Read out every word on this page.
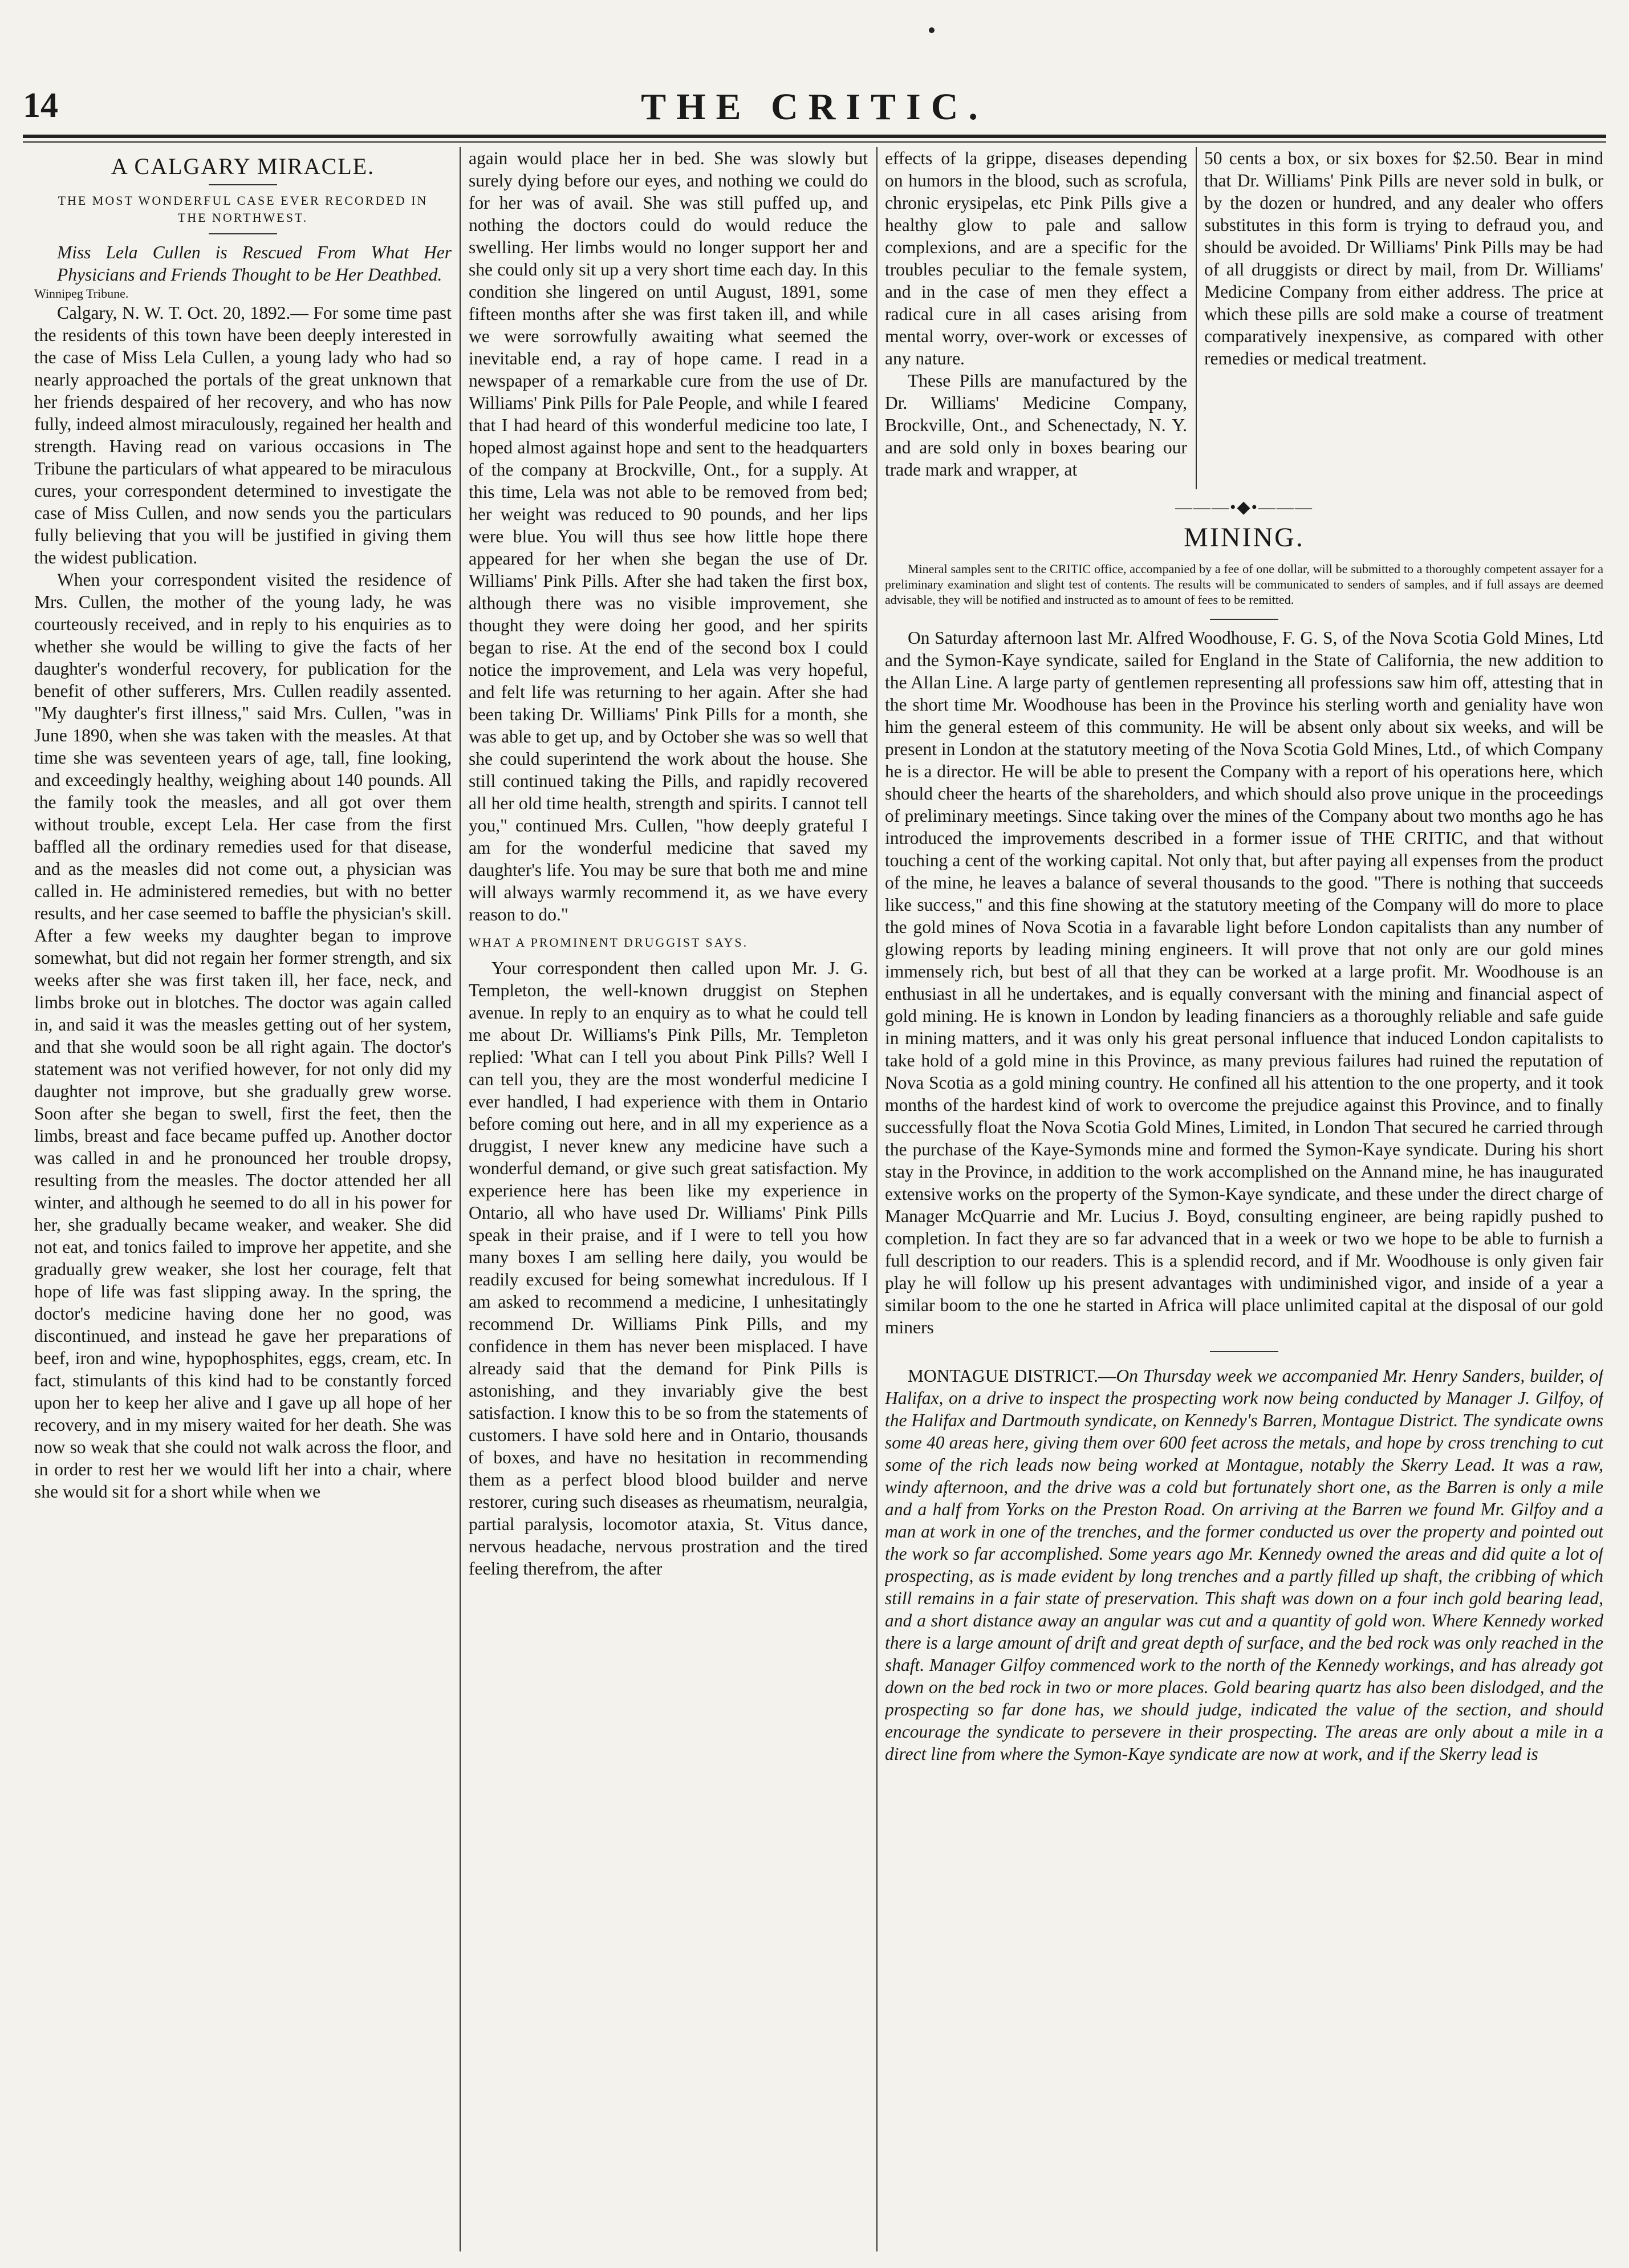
14	THE CRITIC.
A CALGARY MIRACLE.
THE MOST WONDERFUL CASE EVER RECORDED IN THE NORTHWEST.

Miss Lela Cullen is Rescued From What Her Physicians and Friends Thought to be Her Deathbed.

Winnipeg Tribune.

Calgary, N. W. T. Oct. 20, 1892.— For some time past the residents of this town have been deeply interested in the case of Miss Lela Cullen, a young lady who had so nearly approached the portals of the great unknown that her friends despaired of her recovery, and who has now fully, indeed almost miraculously, regained her health and strength. Having read on various occasions in The Tribune the particulars of what appeared to be miraculous cures, your correspondent determined to investigate the case of Miss Cullen, and now sends you the particulars fully believing that you will be justified in giving them the widest publication.

When your correspondent visited the residence of Mrs. Cullen, the mother of the young lady, he was courteously received, and in reply to his enquiries as to whether she would be willing to give the facts of her daughter's wonderful recovery, for publication for the benefit of other sufferers, Mrs. Cullen readily assented. "My daughter's first illness," said Mrs. Cullen, "was in June 1890, when she was taken with the measles. At that time she was seventeen years of age, tall, fine looking, and exceedingly healthy, weighing about 140 pounds. All the family took the measles, and all got over them without trouble, except Lela. Her case from the first baffled all the ordinary remedies used for that disease, and as the measles did not come out, a physician was called in. He administered remedies, but with no better results, and her case seemed to baffle the physician's skill. After a few weeks my daughter began to improve somewhat, but did not regain her former strength, and six weeks after she was first taken ill, her face, neck, and limbs broke out in blotches. The doctor was again called in, and said it was the measles getting out of her system, and that she would soon be all right again. The doctor's statement was not verified however, for not only did my daughter not improve, but she gradually grew worse. Soon after she began to swell, first the feet, then the limbs, breast and face became puffed up. Another doctor was called in and he pronounced her trouble dropsy, resulting from the measles. The doctor attended her all winter, and although he seemed to do all in his power for her, she gradually became weaker, and weaker. She did not eat, and tonics failed to improve her appetite, and she gradually grew weaker, she lost her courage, felt that hope of life was fast slipping away. In the spring, the doctor's medicine having done her no good, was discontinued, and instead he gave her preparations of beef, iron and wine, hypophosphites, eggs, cream, etc. In fact, stimulants of this kind had to be constantly forced upon her to keep her alive and I gave up all hope of her recovery, and in my misery waited for her death. She was now so weak that she could not walk across the floor, and in order to rest her we would lift her into a chair, where she would sit for a short while when we

again would place her in bed. She was slowly but surely dying before our eyes, and nothing we could do for her was of avail. She was still puffed up, and nothing the doctors could do would reduce the swelling. Her limbs would no longer support her and she could only sit up a very short time each day. In this condition she lingered on until August, 1891, some fifteen months after she was first taken ill, and while we were sorrowfully awaiting what seemed the inevitable end, a ray of hope came. I read in a newspaper of a remarkable cure from the use of Dr. Williams' Pink Pills for Pale People, and while I feared that I had heard of this wonderful medicine too late, I hoped almost against hope and sent to the headquarters of the company at Brockville, Ont., for a supply. At this time, Lela was not able to be removed from bed; her weight was reduced to 90 pounds, and her lips were blue. You will thus see how little hope there appeared for her when she began the use of Dr. Williams' Pink Pills. After she had taken the first box, although there was no visible improvement, she thought they were doing her good, and her spirits began to rise. At the end of the second box I could notice the improvement, and Lela was very hopeful, and felt life was returning to her again. After she had been taking Dr. Williams' Pink Pills for a month, she was able to get up, and by October she was so well that she could superintend the work about the house. She still continued taking the Pills, and rapidly recovered all her old time health, strength and spirits. I cannot tell you," continued Mrs. Cullen, "how deeply grateful I am for the wonderful medicine that saved my daughter's life. You may be sure that both me and mine will always warmly recommend it, as we have every reason to do."

WHAT A PROMINENT DRUGGIST SAYS.

Your correspondent then called upon Mr. J. G. Templeton, the well-known druggist on Stephen avenue. In reply to an enquiry as to what he could tell me about Dr. Williams's Pink Pills, Mr. Templeton replied: 'What can I tell you about Pink Pills? Well I can tell you, they are the most wonderful medicine I ever handled, I had experience with them in Ontario before coming out here, and in all my experience as a druggist, I never knew any medicine have such a wonderful demand, or give such great satisfaction. My experience here has been like my experience in Ontario, all who have used Dr. Williams' Pink Pills speak in their praise, and if I were to tell you how many boxes I am selling here daily, you would be readily excused for being somewhat incredulous. If I am asked to recommend a medicine, I unhesitatingly recommend Dr. Williams Pink Pills, and my confidence in them has never been misplaced. I have already said that the demand for Pink Pills is astonishing, and they invariably give the best satisfaction. I know this to be so from the statements of customers. I have sold here and in Ontario, thousands of boxes, and have no hesitation in recommending them as a perfect blood blood builder and nerve restorer, curing such diseases as rheumatism, neuralgia, partial paralysis, locomotor ataxia, St. Vitus dance, nervous headache, nervous prostration and the tired feeling therefrom, the after

effects of la grippe, diseases depending on humors in the blood, such as scrofula, chronic erysipelas, etc Pink Pills give a healthy glow to pale and sallow complexions, and are a specific for the troubles peculiar to the female system, and in the case of men they effect a radical cure in all cases arising from mental worry, over-work or excesses of any nature.

These Pills are manufactured by the Dr. Williams' Medicine Company, Brockville, Ont., and Schenectady, N. Y. and are sold only in boxes bearing our trade mark and wrapper, at

50 cents a box, or six boxes for $2.50. Bear in mind that Dr. Williams' Pink Pills are never sold in bulk, or by the dozen or hundred, and any dealer who offers substitutes in this form is trying to defraud you, and should be avoided. Dr Williams' Pink Pills may be had of all druggists or direct by mail, from Dr. Williams' Medicine Company from either address. The price at which these pills are sold make a course of treatment comparatively inexpensive, as compared with other remedies or medical treatment.

———•◆•———
MINING.
Mineral samples sent to the CRITIC office, accompanied by a fee of one dollar, will be submitted to a thoroughly competent assayer for a preliminary examination and slight test of contents. The results will be communicated to senders of samples, and if full assays are deemed advisable, they will be notified and instructed as to amount of fees to be remitted.

On Saturday afternoon last Mr. Alfred Woodhouse, F. G. S, of the Nova Scotia Gold Mines, Ltd and the Symon-Kaye syndicate, sailed for England in the State of California, the new addition to the Allan Line. A large party of gentlemen representing all professions saw him off, attesting that in the short time Mr. Woodhouse has been in the Province his sterling worth and geniality have won him the general esteem of this community. He will be absent only about six weeks, and will be present in London at the statutory meeting of the Nova Scotia Gold Mines, Ltd., of which Company he is a director. He will be able to present the Company with a report of his operations here, which should cheer the hearts of the shareholders, and which should also prove unique in the proceedings of preliminary meetings. Since taking over the mines of the Company about two months ago he has introduced the improvements described in a former issue of THE CRITIC, and that without touching a cent of the working capital. Not only that, but after paying all expenses from the product of the mine, he leaves a balance of several thousands to the good. "There is nothing that succeeds like success," and this fine showing at the statutory meeting of the Company will do more to place the gold mines of Nova Scotia in a favarable light before London capitalists than any number of glowing reports by leading mining engineers. It will prove that not only are our gold mines immensely rich, but best of all that they can be worked at a large profit. Mr. Woodhouse is an enthusiast in all he undertakes, and is equally conversant with the mining and financial aspect of gold mining. He is known in London by leading financiers as a thoroughly reliable and safe guide in mining matters, and it was only his great personal influence that induced London capitalists to take hold of a gold mine in this Province, as many previous failures had ruined the reputation of Nova Scotia as a gold mining country. He confined all his attention to the one property, and it took months of the hardest kind of work to overcome the prejudice against this Province, and to finally successfully float the Nova Scotia Gold Mines, Limited, in London That secured he carried through the purchase of the Kaye-Symonds mine and formed the Symon-Kaye syndicate. During his short stay in the Province, in addition to the work accomplished on the Annand mine, he has inaugurated extensive works on the property of the Symon-Kaye syndicate, and these under the direct charge of Manager McQuarrie and Mr. Lucius J. Boyd, consulting engineer, are being rapidly pushed to completion. In fact they are so far advanced that in a week or two we hope to be able to furnish a full description to our readers. This is a splendid record, and if Mr. Woodhouse is only given fair play he will follow up his present advantages with undiminished vigor, and inside of a year a similar boom to the one he started in Africa will place unlimited capital at the disposal of our gold miners

MONTAGUE DISTRICT.—On Thursday week we accompanied Mr. Henry Sanders, builder, of Halifax, on a drive to inspect the prospecting work now being conducted by Manager J. Gilfoy, of the Halifax and Dartmouth syndicate, on Kennedy's Barren, Montague District. The syndicate owns some 40 areas here, giving them over 600 feet across the metals, and hope by cross trenching to cut some of the rich leads now being worked at Montague, notably the Skerry Lead. It was a raw, windy afternoon, and the drive was a cold but fortunately short one, as the Barren is only a mile and a half from Yorks on the Preston Road. On arriving at the Barren we found Mr. Gilfoy and a man at work in one of the trenches, and the former conducted us over the property and pointed out the work so far accomplished. Some years ago Mr. Kennedy owned the areas and did quite a lot of prospecting, as is made evident by long trenches and a partly filled up shaft, the cribbing of which still remains in a fair state of preservation. This shaft was down on a four inch gold bearing lead, and a short distance away an angular was cut and a quantity of gold won. Where Kennedy worked there is a large amount of drift and great depth of surface, and the bed rock was only reached in the shaft. Manager Gilfoy commenced work to the north of the Kennedy workings, and has already got down on the bed rock in two or more places. Gold bearing quartz has also been dislodged, and the prospecting so far done has, we should judge, indicated the value of the section, and should encourage the syndicate to persevere in their prospecting. The areas are only about a mile in a direct line from where the Symon-Kaye syndicate are now at work, and if the Skerry lead is
